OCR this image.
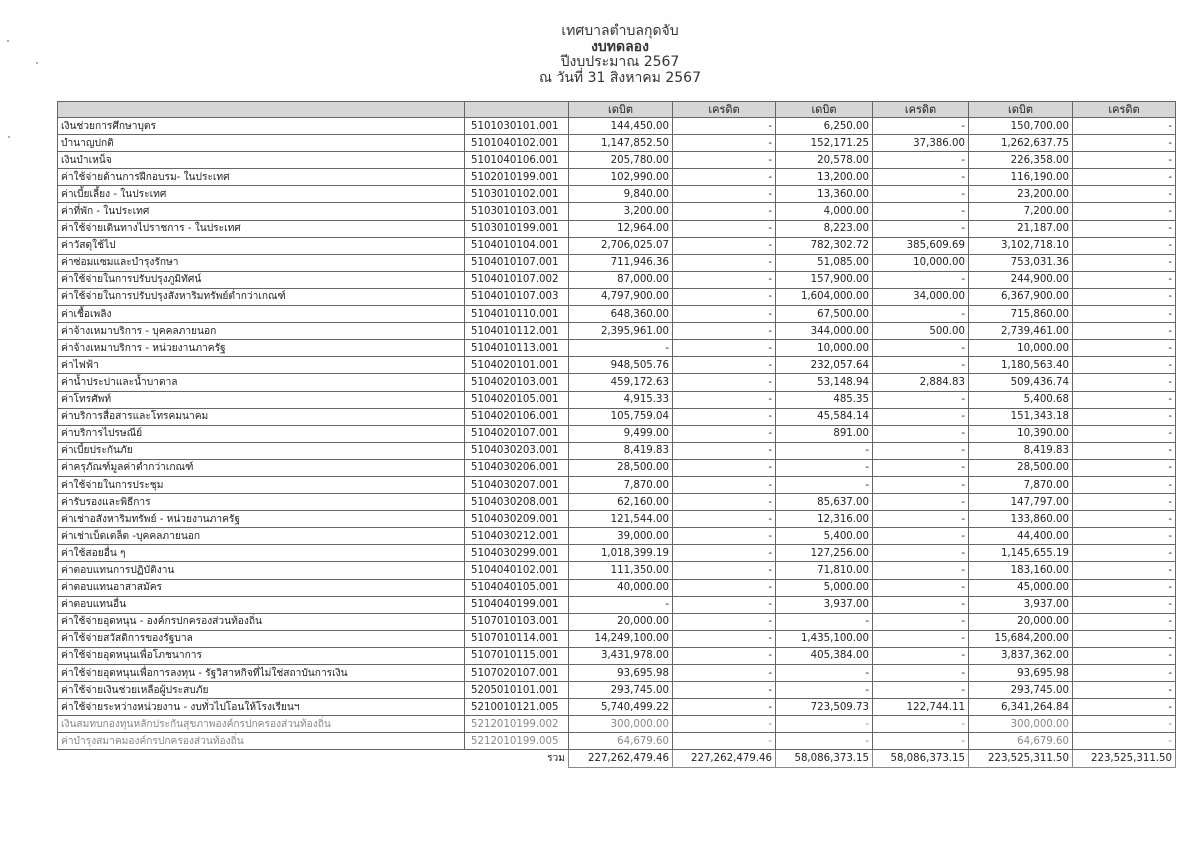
เทศบาลตำบลกุดจับ
งบทดลอง
ปีงบประมาณ 2567
ณ วันที่ 31 สิงหาคม 2567
		เดบิต	เครดิต	เดบิต	เครดิต	เดบิต	เครดิต
เงินช่วยการศึกษาบุตร	5101030101.001	144,450.00	-	6,250.00	-	150,700.00	-
บำนาญปกติ	5101040102.001	1,147,852.50	-	152,171.25	37,386.00	1,262,637.75	-
เงินบำเหน็จ	5101040106.001	205,780.00	-	20,578.00	-	226,358.00	-
ค่าใช้จ่ายด้านการฝึกอบรม- ในประเทศ	5102010199.001	102,990.00	-	13,200.00	-	116,190.00	-
ค่าเบี้ยเลี้ยง - ในประเทศ	5103010102.001	9,840.00	-	13,360.00	-	23,200.00	-
ค่าที่พัก - ในประเทศ	5103010103.001	3,200.00	-	4,000.00	-	7,200.00	-
ค่าใช้จ่ายเดินทางไปราชการ - ในประเทศ	5103010199.001	12,964.00	-	8,223.00	-	21,187.00	-
ค่าวัสดุใช้ไป	5104010104.001	2,706,025.07	-	782,302.72	385,609.69	3,102,718.10	-
ค่าซ่อมแซมและบำรุงรักษา	5104010107.001	711,946.36	-	51,085.00	10,000.00	753,031.36	-
ค่าใช้จ่ายในการปรับปรุงภูมิทัศน์	5104010107.002	87,000.00	-	157,900.00	-	244,900.00	-
ค่าใช้จ่ายในการปรับปรุงสังหาริมทรัพย์ต่ำกว่าเกณฑ์	5104010107.003	4,797,900.00	-	1,604,000.00	34,000.00	6,367,900.00	-
ค่าเชื้อเพลิง	5104010110.001	648,360.00	-	67,500.00	-	715,860.00	-
ค่าจ้างเหมาบริการ - บุคคลภายนอก	5104010112.001	2,395,961.00	-	344,000.00	500.00	2,739,461.00	-
ค่าจ้างเหมาบริการ - หน่วยงานภาครัฐ	5104010113.001	-	-	10,000.00	-	10,000.00	-
ค่าไฟฟ้า	5104020101.001	948,505.76	-	232,057.64	-	1,180,563.40	-
ค่าน้ำประปาและน้ำบาดาล	5104020103.001	459,172.63	-	53,148.94	2,884.83	509,436.74	-
ค่าโทรศัพท์	5104020105.001	4,915.33	-	485.35	-	5,400.68	-
ค่าบริการสื่อสารและโทรคมนาคม	5104020106.001	105,759.04	-	45,584.14	-	151,343.18	-
ค่าบริการไปรษณีย์	5104020107.001	9,499.00	-	891.00	-	10,390.00	-
ค่าเบี้ยประกันภัย	5104030203.001	8,419.83	-	-	-	8,419.83	-
ค่าครุภัณฑ์มูลค่าต่ำกว่าเกณฑ์	5104030206.001	28,500.00	-	-	-	28,500.00	-
ค่าใช้จ่ายในการประชุม	5104030207.001	7,870.00	-	-	-	7,870.00	-
ค่ารับรองและพิธีการ	5104030208.001	62,160.00	-	85,637.00	-	147,797.00	-
ค่าเช่าอสังหาริมทรัพย์ - หน่วยงานภาครัฐ	5104030209.001	121,544.00	-	12,316.00	-	133,860.00	-
ค่าเช่าเบ็ดเตล็ด -บุคคลภายนอก	5104030212.001	39,000.00	-	5,400.00	-	44,400.00	-
ค่าใช้สอยอื่น ๆ	5104030299.001	1,018,399.19	-	127,256.00	-	1,145,655.19	-
ค่าตอบแทนการปฏิบัติงาน	5104040102.001	111,350.00	-	71,810.00	-	183,160.00	-
ค่าตอบแทนอาสาสมัคร	5104040105.001	40,000.00	-	5,000.00	-	45,000.00	-
ค่าตอบแทนอื่น	5104040199.001	-	-	3,937.00	-	3,937.00	-
ค่าใช้จ่ายอุดหนุน - องค์กรปกครองส่วนท้องถิ่น	5107010103.001	20,000.00	-	-	-	20,000.00	-
ค่าใช้จ่ายสวัสดิการของรัฐบาล	5107010114.001	14,249,100.00	-	1,435,100.00	-	15,684,200.00	-
ค่าใช้จ่ายอุดหนุนเพื่อโภชนาการ	5107010115.001	3,431,978.00	-	405,384.00	-	3,837,362.00	-
ค่าใช้จ่ายอุดหนุนเพื่อการลงทุน - รัฐวิสาหกิจที่ไม่ใช่สถาบันการเงิน	5107020107.001	93,695.98	-	-	-	93,695.98	-
ค่าใช้จ่ายเงินช่วยเหลือผู้ประสบภัย	5205010101.001	293,745.00	-	-	-	293,745.00	-
ค่าใช้จ่ายระหว่างหน่วยงาน - งบทั่วไปโอนให้โรงเรียนฯ	5210010121.005	5,740,499.22	-	723,509.73	122,744.11	6,341,264.84	-
เงินสมทบกองทุนหลักประกันสุขภาพองค์กรปกครองส่วนท้องถิ่น	5212010199.002	300,000.00	-	-	-	300,000.00	-
ค่าบำรุงสมาคมองค์กรปกครองส่วนท้องถิ่น	5212010199.005	64,679.60	-	-	-	64,679.60	-
	รวม	227,262,479.46	227,262,479.46	58,086,373.15	58,086,373.15	223,525,311.50	223,525,311.50
